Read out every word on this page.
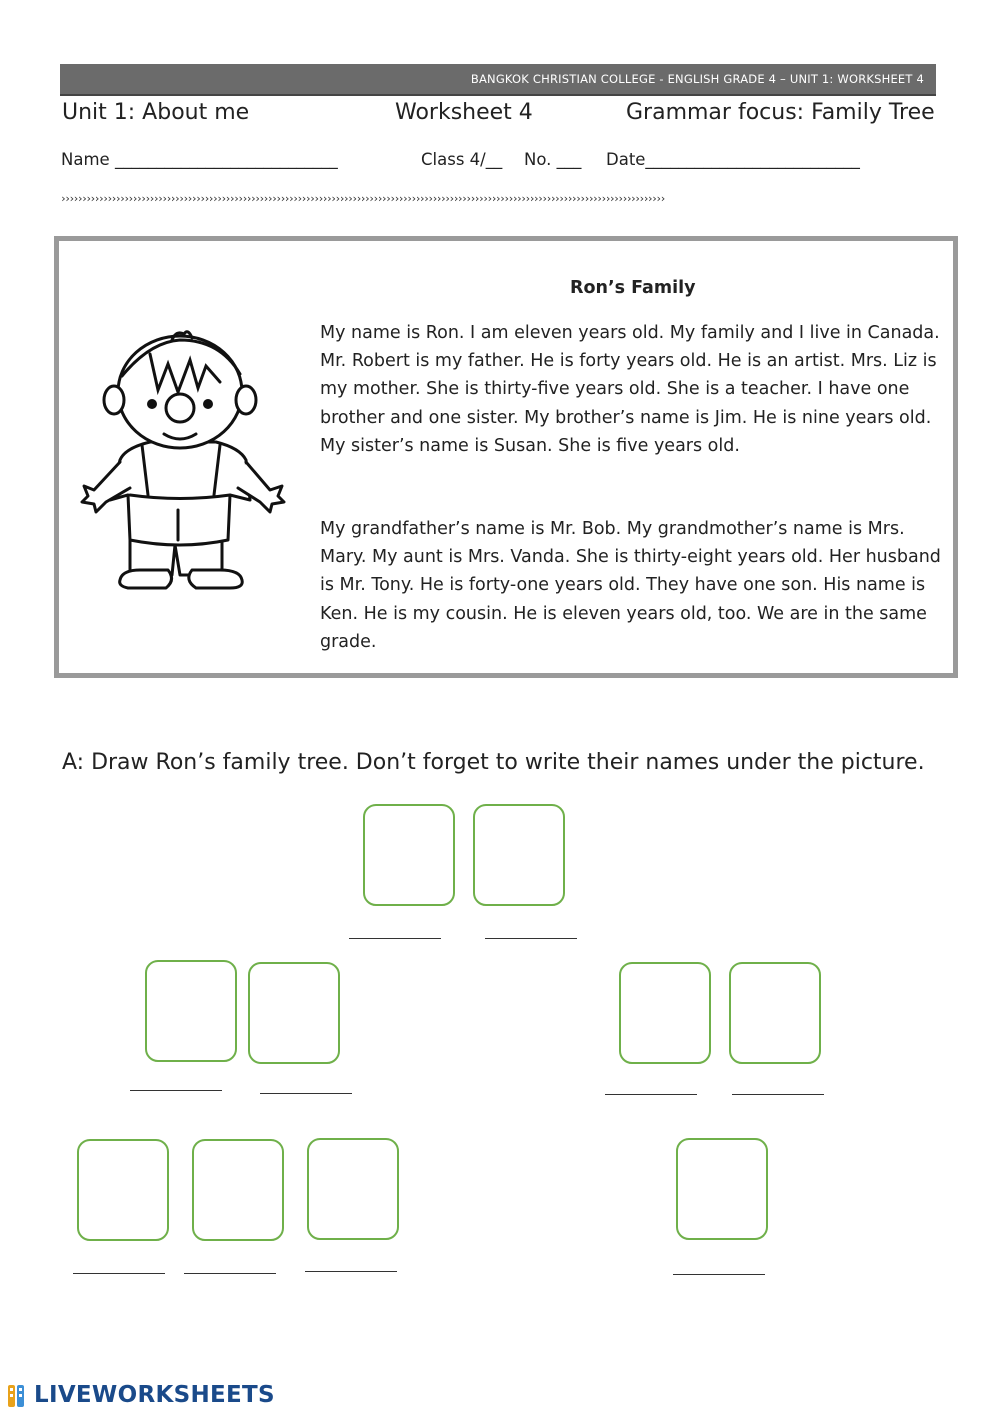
BANGKOK CHRISTIAN COLLEGE - ENGLISH GRADE 4 – UNIT 1: WORKSHEET 4
Unit 1: About me	Worksheet 4	Grammar focus: Family Tree
Name ___________________________	Class 4/__ No. ___ Date__________________________
›››››››››››››››››››››››››››››››››››››››››››››››››››››››››››››››››››››››››››››››››››››››››››››››››››››››››››››››››››››››››››››››››››››››››››››››
Ron’s Family
My name is Ron. I am eleven years old. My family and I live in Canada. Mr. Robert is my father. He is forty years old. He is an artist. Mrs. Liz is my mother. She is thirty-five years old. She is a teacher. I have one brother and one sister. My brother’s name is Jim. He is nine years old. My sister’s name is Susan. She is five years old.
My grandfather’s name is Mr. Bob. My grandmother’s name is Mrs. Mary. My aunt is Mrs. Vanda. She is thirty-eight years old. Her husband is Mr. Tony. He is forty-one years old. They have one son. His name is Ken. He is my cousin. He is eleven years old, too. We are in the same grade.
A: Draw Ron’s family tree. Don’t forget to write their names under the picture.
LIVEWORKSHEETS
